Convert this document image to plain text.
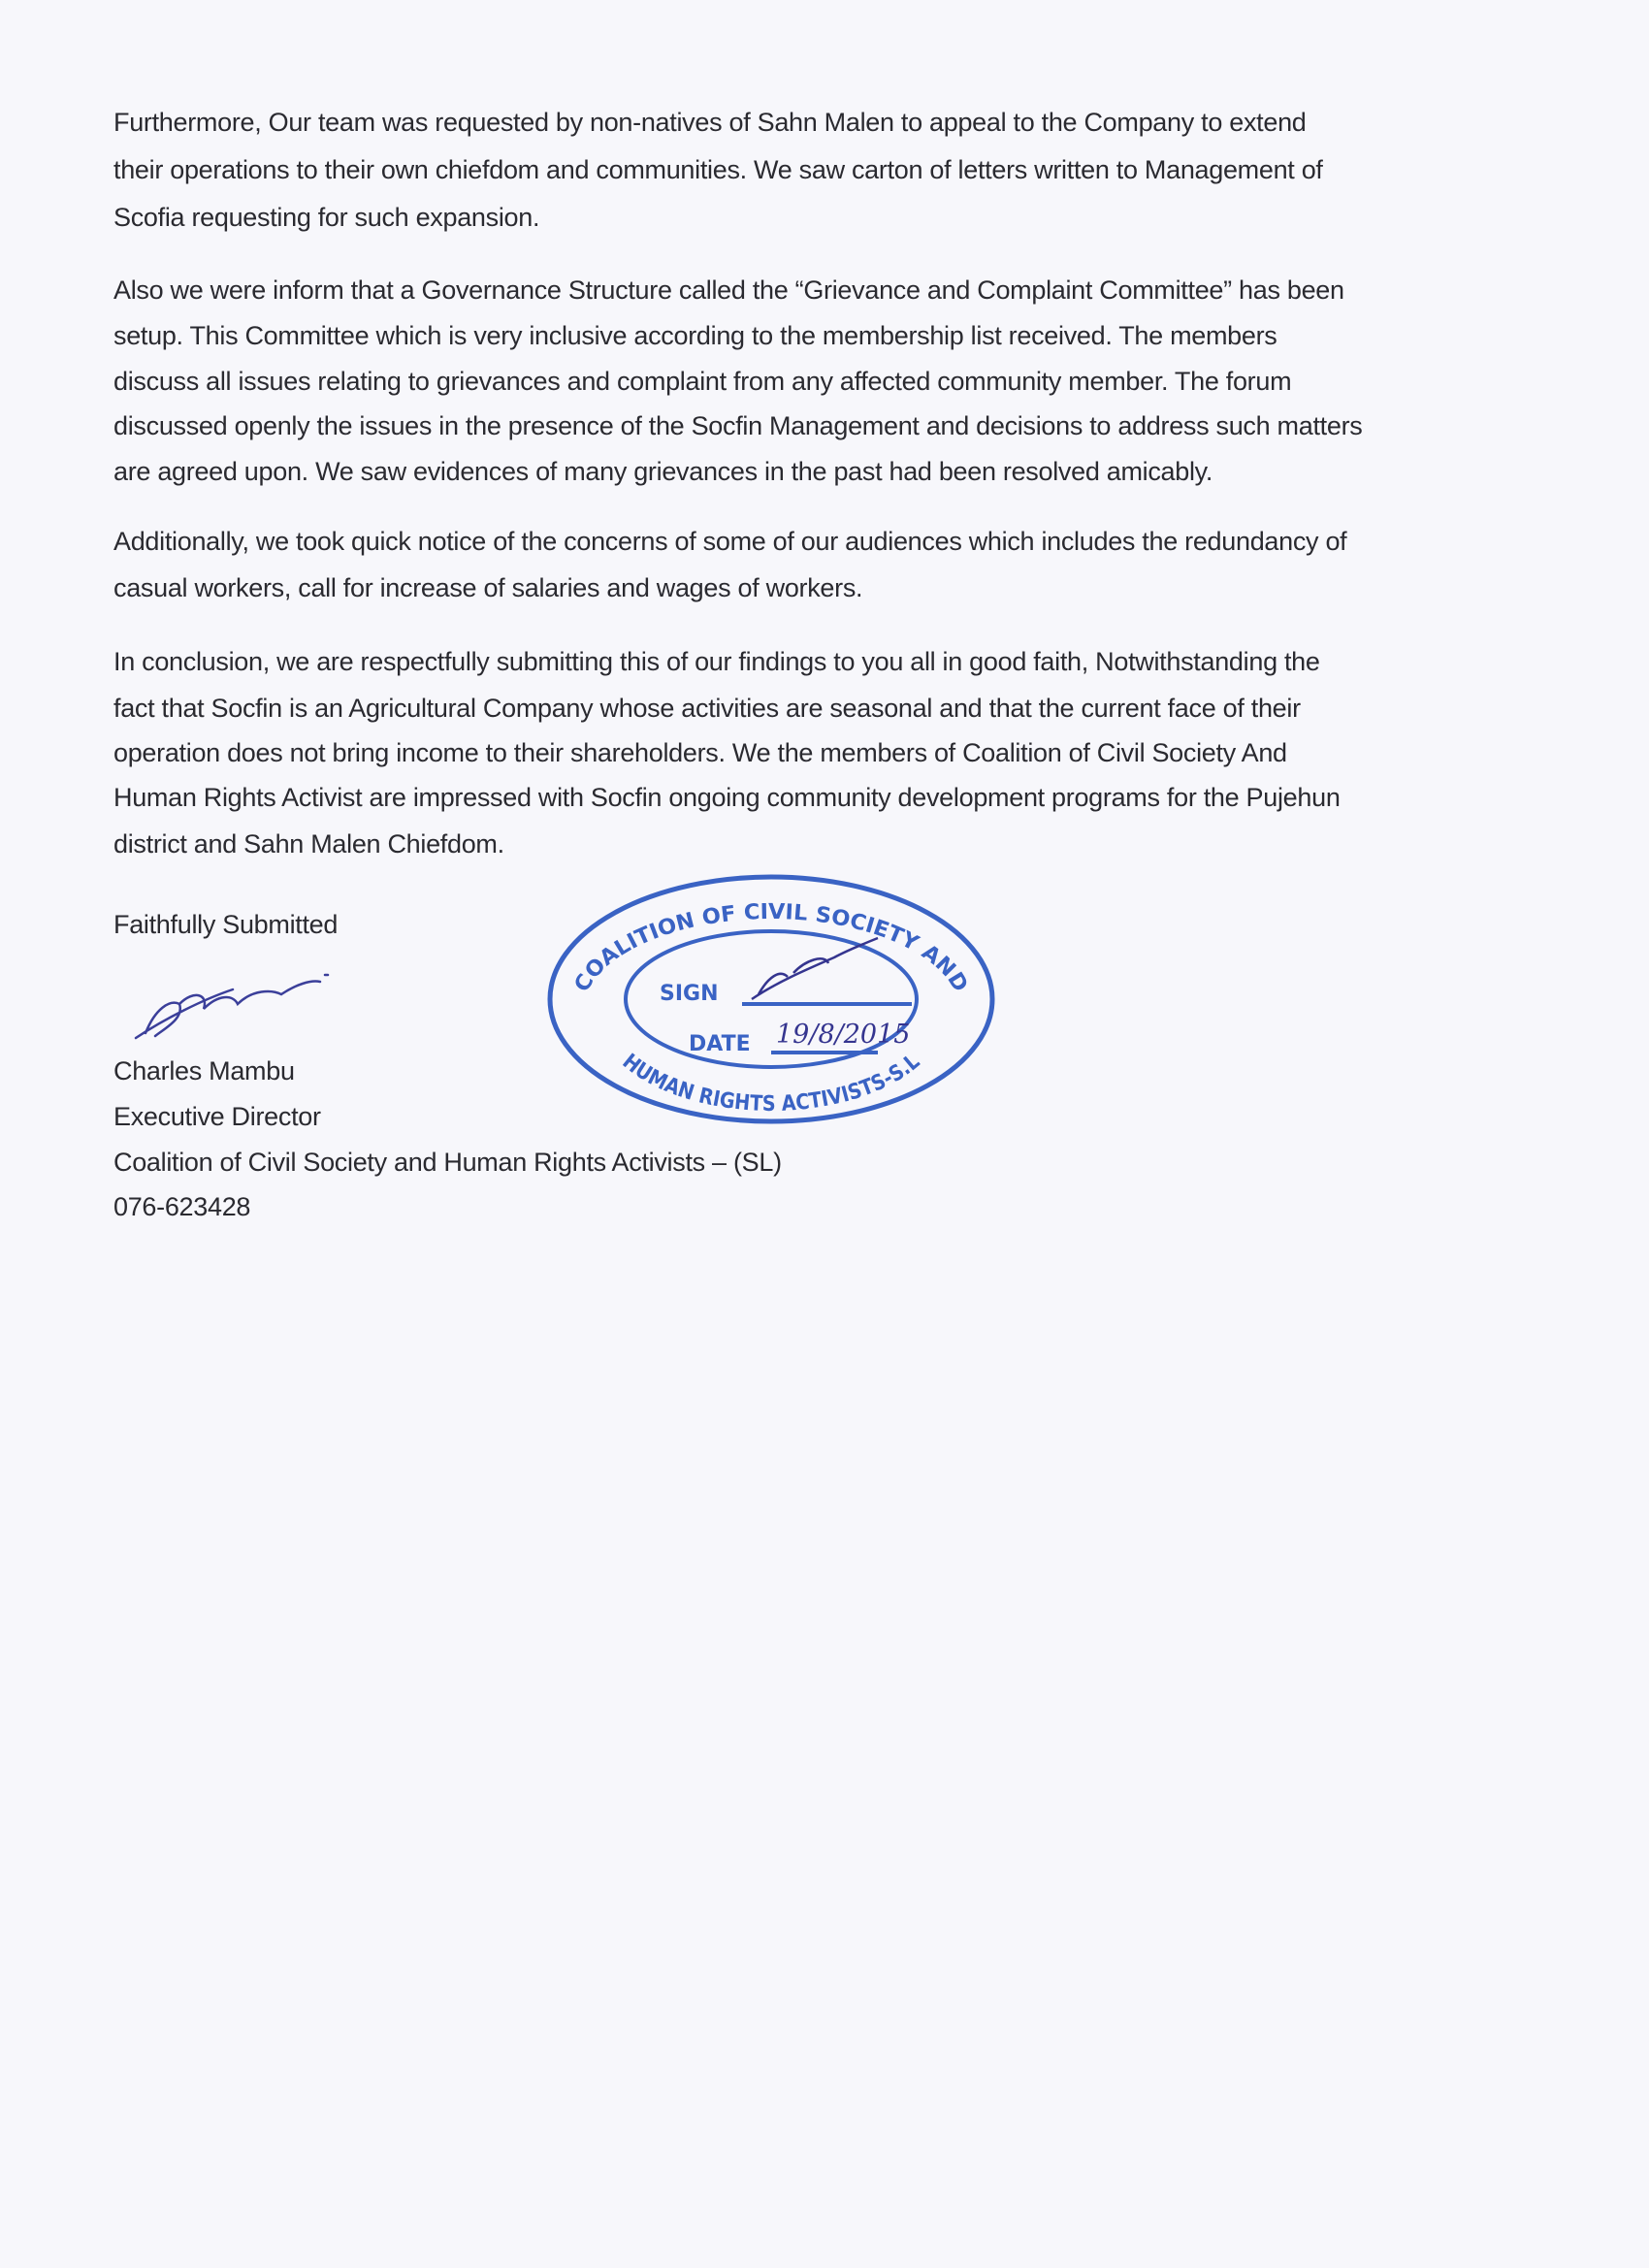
Furthermore, Our team was requested by non-natives of Sahn Malen to appeal to the Company to extend
their operations to their own chiefdom and communities. We saw carton of letters written to Management of
Scofia requesting for such expansion.
Also we were inform that a Governance Structure called the “Grievance and Complaint Committee” has been
setup. This Committee which is very inclusive according to the membership list received. The members
discuss all issues relating to grievances and complaint from any affected community member. The forum
discussed openly the issues in the presence of the Socfin Management and decisions to address such matters
are agreed upon. We saw evidences of many grievances in the past had been resolved amicably.
Additionally, we took quick notice of the concerns of some of our audiences which includes the redundancy of
casual workers, call for increase of salaries and wages of workers.
In conclusion, we are respectfully submitting this of our findings to you all in good faith, Notwithstanding the
fact that Socfin is an Agricultural Company whose activities are seasonal and that the current face of their
operation does not bring income to their shareholders. We the members of Coalition of Civil Society And
Human Rights Activist are impressed with Socfin ongoing community development programs for the Pujehun
district and Sahn Malen Chiefdom.
Faithfully Submitted
Charles Mambu
Executive Director
Coalition of Civil Society and Human Rights Activists – (SL)
076-623428
COALITION OF CIVIL SOCIETY AND
HUMAN RIGHTS ACTIVISTS-S.L
SIGN
DATE 19/8/2015
